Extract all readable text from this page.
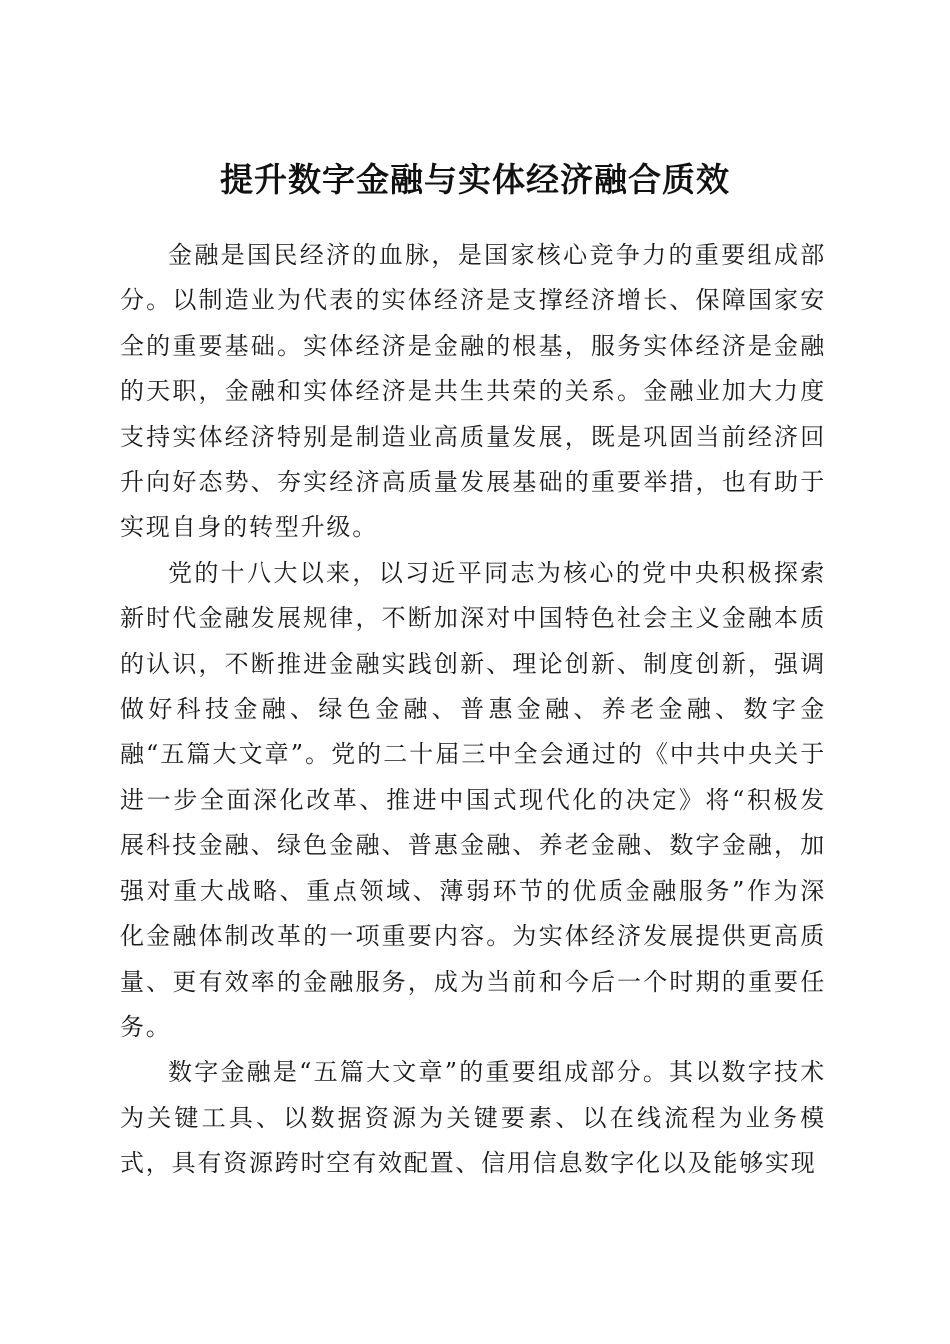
提升数字金融与实体经济融合质效

金融是国民经济的血脉，是国家核心竞争力的重要组成部分。以制造业为代表的实体经济是支撑经济增长、保障国家安全的重要基础。实体经济是金融的根基，服务实体经济是金融的天职，金融和实体经济是共生共荣的关系。金融业加大力度支持实体经济特别是制造业高质量发展，既是巩固当前经济回升向好态势、夯实经济高质量发展基础的重要举措，也有助于实现自身的转型升级。

党的十八大以来，以习近平同志为核心的党中央积极探索新时代金融发展规律，不断加深对中国特色社会主义金融本质的认识，不断推进金融实践创新、理论创新、制度创新，强调做好科技金融、绿色金融、普惠金融、养老金融、数字金融“五篇大文章”。党的二十届三中全会通过的《中共中央关于进一步全面深化改革、推进中国式现代化的决定》将“积极发展科技金融、绿色金融、普惠金融、养老金融、数字金融，加强对重大战略、重点领域、薄弱环节的优质金融服务”作为深化金融体制改革的一项重要内容。为实体经济发展提供更高质量、更有效率的金融服务，成为当前和今后一个时期的重要任务。

数字金融是“五篇大文章”的重要组成部分。其以数字技术为关键工具、以数据资源为关键要素、以在线流程为业务模式，具有资源跨时空有效配置、信用信息数字化以及能够实现
